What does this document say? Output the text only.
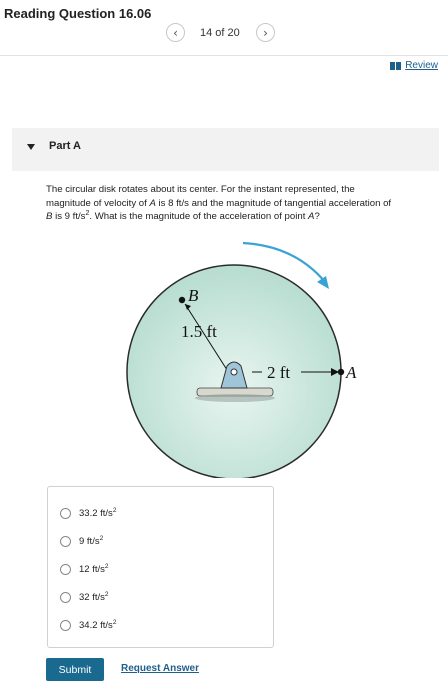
Reading Question 16.06
‹	14 of 20	›
Review
Part A
The circular disk rotates about its center. For the instant represented, the
magnitude of velocity of A is 8 ft/s and the magnitude of tangential acceleration of
B is 9 $ft/s^2$. What is the magnitude of the acceleration of point A?
B
1.5 ft
2 ft	A
33.2 $ft/s^2$
9 $ft/s^2$
12 $ft/s^2$
32 $ft/s^2$
34.2 $ft/s^2$
Submit	Request Answer
